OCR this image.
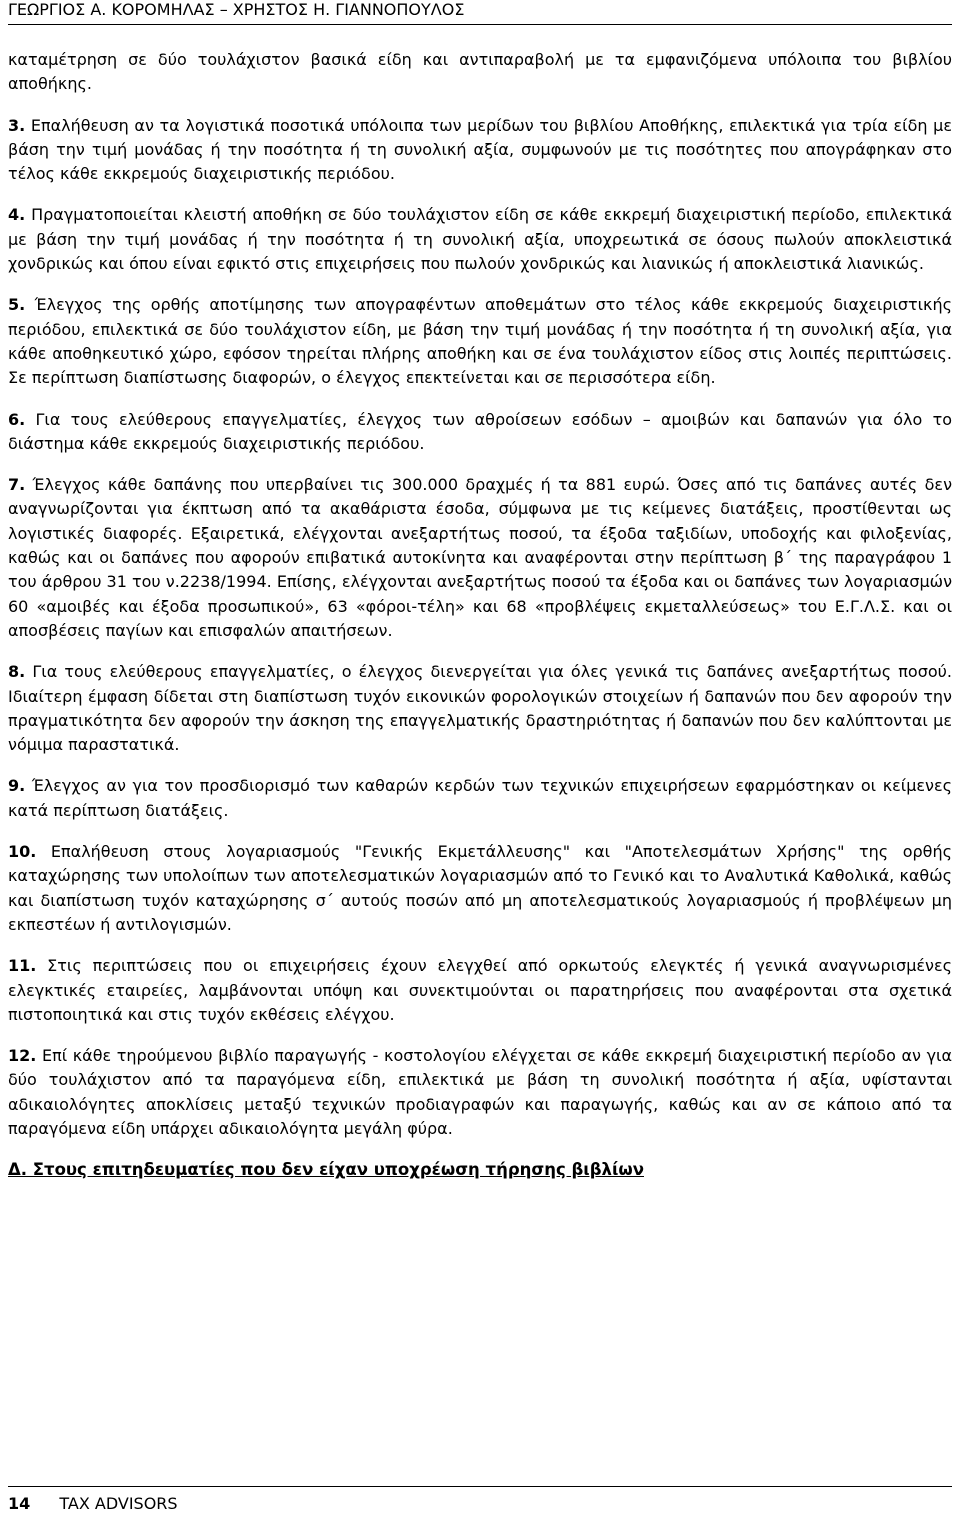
ΓΕΩΡΓΙΟΣ Α. ΚΟΡΟΜΗΛΑΣ – ΧΡΗΣΤΟΣ Η. ΓΙΑΝΝΟΠΟΥΛΟΣ

καταμέτρηση σε δύο τουλάχιστον βασικά είδη και αντιπαραβολή με τα εμφανιζόμενα υπόλοιπα του βιβλίου αποθήκης.

3. Επαλήθευση αν τα λογιστικά ποσοτικά υπόλοιπα των μερίδων του βιβλίου Αποθήκης, επιλεκτικά για τρία είδη με βάση την τιμή μονάδας ή την ποσότητα ή τη συνολική αξία, συμφωνούν με τις ποσότητες που απογράφηκαν στο τέλος κάθε εκκρεμούς διαχειριστικής περιόδου.

4. Πραγματοποιείται κλειστή αποθήκη σε δύο τουλάχιστον είδη σε κάθε εκκρεμή διαχειριστική περίοδο, επιλεκτικά με βάση την τιμή μονάδας ή την ποσότητα ή τη συνολική αξία, υποχρεωτικά σε όσους πωλούν αποκλειστικά χονδρικώς και όπου είναι εφικτό στις επιχειρήσεις που πωλούν χονδρικώς και λιανικώς ή αποκλειστικά λιανικώς.

5. Έλεγχος της ορθής αποτίμησης των απογραφέντων αποθεμάτων στο τέλος κάθε εκκρεμούς διαχειριστικής περιόδου, επιλεκτικά σε δύο τουλάχιστον είδη, με βάση την τιμή μονάδας ή την ποσότητα ή τη συνολική αξία, για κάθε αποθηκευτικό χώρο, εφόσον τηρείται πλήρης αποθήκη και σε ένα τουλάχιστον είδος στις λοιπές περιπτώσεις. Σε περίπτωση διαπίστωσης διαφορών, ο έλεγχος επεκτείνεται και σε περισσότερα είδη.

6. Για τους ελεύθερους επαγγελματίες, έλεγχος των αθροίσεων εσόδων – αμοιβών και δαπανών για όλο το διάστημα κάθε εκκρεμούς διαχειριστικής περιόδου.

7. Έλεγχος κάθε δαπάνης που υπερβαίνει τις 300.000 δραχμές ή τα 881 ευρώ. Όσες από τις δαπάνες αυτές δεν αναγνωρίζονται για έκπτωση από τα ακαθάριστα έσοδα, σύμφωνα με τις κείμενες διατάξεις, προστίθενται ως λογιστικές διαφορές. Εξαιρετικά, ελέγχονται ανεξαρτήτως ποσού, τα έξοδα ταξιδίων, υποδοχής και φιλοξενίας, καθώς και οι δαπάνες που αφορούν επιβατικά αυτοκίνητα και αναφέρονται στην περίπτωση β΄ της παραγράφου 1 του άρθρου 31 του ν.2238/1994. Επίσης, ελέγχονται ανεξαρτήτως ποσού τα έξοδα και οι δαπάνες των λογαριασμών 60 «αμοιβές και έξοδα προσωπικού», 63 «φόροι-τέλη» και 68 «προβλέψεις εκμεταλλεύσεως» του Ε.Γ.Λ.Σ. και οι αποσβέσεις παγίων και επισφαλών απαιτήσεων.

8. Για τους ελεύθερους επαγγελματίες, ο έλεγχος διενεργείται για όλες γενικά τις δαπάνες ανεξαρτήτως ποσού. Ιδιαίτερη έμφαση δίδεται στη διαπίστωση τυχόν εικονικών φορολογικών στοιχείων ή δαπανών που δεν αφορούν την πραγματικότητα δεν αφορούν την άσκηση της επαγγελματικής δραστηριότητας ή δαπανών που δεν καλύπτονται με νόμιμα παραστατικά.

9. Έλεγχος αν για τον προσδιορισμό των καθαρών κερδών των τεχνικών επιχειρήσεων εφαρμόστηκαν οι κείμενες κατά περίπτωση διατάξεις.

10. Επαλήθευση στους λογαριασμούς "Γενικής Εκμετάλλευσης" και "Αποτελεσμάτων Χρήσης" της ορθής καταχώρησης των υπολοίπων των αποτελεσματικών λογαριασμών από το Γενικό και το Αναλυτικά Καθολικά, καθώς και διαπίστωση τυχόν καταχώρησης σ΄ αυτούς ποσών από μη αποτελεσματικούς λογαριασμούς ή προβλέψεων μη εκπεστέων ή αντιλογισμών.

11. Στις περιπτώσεις που οι επιχειρήσεις έχουν ελεγχθεί από ορκωτούς ελεγκτές ή γενικά αναγνωρισμένες ελεγκτικές εταιρείες, λαμβάνονται υπόψη και συνεκτιμούνται οι παρατηρήσεις που αναφέρονται στα σχετικά πιστοποιητικά και στις τυχόν εκθέσεις ελέγχου.

12. Επί κάθε τηρούμενου βιβλίο παραγωγής - κοστολογίου ελέγχεται σε κάθε εκκρεμή διαχειριστική περίοδο αν για δύο τουλάχιστον από τα παραγόμενα είδη, επιλεκτικά με βάση τη συνολική ποσότητα ή αξία, υφίστανται αδικαιολόγητες αποκλίσεις μεταξύ τεχνικών προδιαγραφών και παραγωγής, καθώς και αν σε κάποιο από τα παραγόμενα είδη υπάρχει αδικαιολόγητα μεγάλη φύρα.

Δ. Στους επιτηδευματίες που δεν είχαν υποχρέωση τήρησης βιβλίων

14 TAX ADVISORS
